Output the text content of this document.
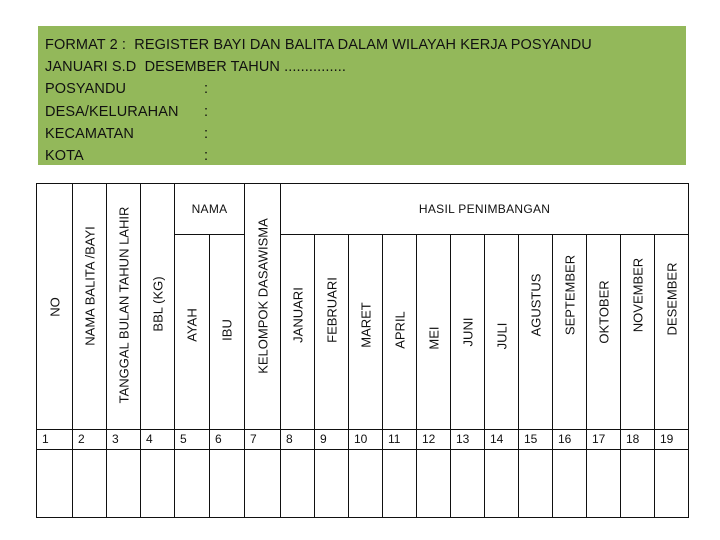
FORMAT 2 :  REGISTER BAYI DAN BALITA DALAM WILAYAH KERJA POSYANDU
JANUARI S.D  DESEMBER TAHUN ...............
POSYANDU	:
DESA/KELURAHAN :
KECAMATAN	:
KOTA	:
NO	NAMA BALITA /BAYI	TANGGAL BULAN TAHUN LAHIR	BBL (KG)	NAMA		KELOMPOK DASAWISMA	HASIL PENIMBANGAN											

				AYAH	IBU		JANUARI	FEBRUARI	MARET	APRIL	MEI	JUNI	JULI	AGUSTUS	SEPTEMBER	OKTOBER	NOVEMBER	DESEMBER

1	2	3	4	5	6	7	8	9	10	11	12	13	14	15	16	17	18	19
